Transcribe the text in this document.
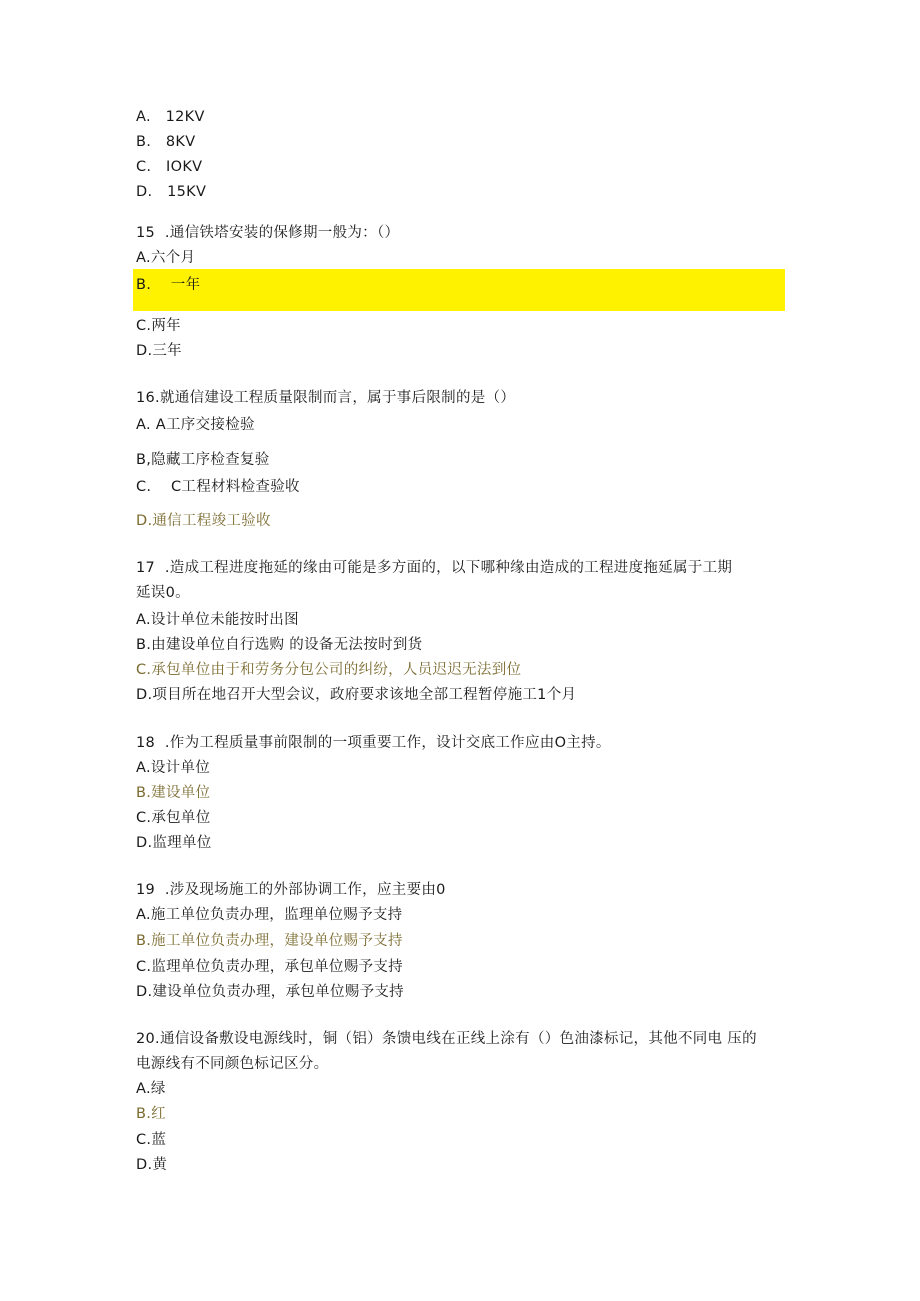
A.   12KV
B.   8KV
C.   IOKV
D.   15KV
15  .通信铁塔安装的保修期一般为：（）
A.六个月
B.    一年
C.两年
D.三年
16.就通信建设工程质量限制而言，属于事后限制的是（）
A. A工序交接检验
B,隐藏工序检查复验
C.    C工程材料检查验收
D.通信工程竣工验收
17  .造成工程进度拖延的缘由可能是多方面的，以下哪种缘由造成的工程进度拖延属于工期
延误0。
A.设计单位未能按时出图
B.由建设单位自行选购 的设备无法按时到货
C.承包单位由于和劳务分包公司的纠纷，人员迟迟无法到位
D.项目所在地召开大型会议，政府要求该地全部工程暂停施工1个月
18  .作为工程质量事前限制的一项重要工作，设计交底工作应由O主持。
A.设计单位
B.建设单位
C.承包单位
D.监理单位
19  .涉及现场施工的外部协调工作，应主要由0
A.施工单位负责办理，监理单位赐予支持
B.施工单位负责办理，建设单位赐予支持
C.监理单位负责办理，承包单位赐予支持
D.建设单位负责办理，承包单位赐予支持
20.通信设备敷设电源线时，铜（铝）条馈电线在正线上涂有（）色油漆标记，其他不同电 压的
电源线有不同颜色标记区分。
A.绿
B.红
C.蓝
D.黄
